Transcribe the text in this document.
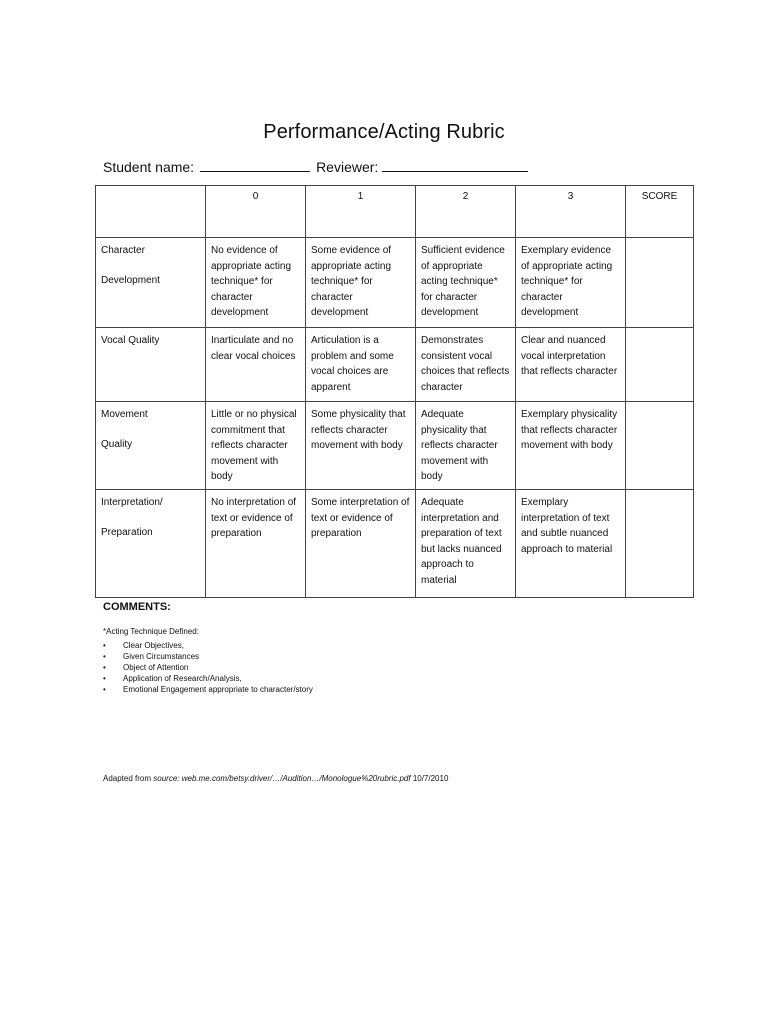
Performance/Acting Rubric
Student name:	Reviewer:
	0	1	2	3	SCORE
Character
Development	No evidence of appropriate acting technique* for character development	Some evidence of appropriate acting technique* for character development	Sufficient evidence of appropriate acting technique* for character development	Exemplary evidence of appropriate acting technique* for character development	
Vocal Quality	Inarticulate and no clear vocal choices	Articulation is a problem and some vocal choices are apparent	Demonstrates consistent vocal choices that reflects character	Clear and nuanced vocal interpretation that reflects character	
Movement
Quality	Little or no physical commitment that reflects character movement with body	Some physicality that reflects character movement with body	Adequate physicality that reflects character movement with body	Exemplary physicality that reflects character movement with body	
Interpretation/
Preparation	No interpretation of text or evidence of preparation	Some interpretation of text or evidence of preparation	Adequate interpretation and preparation of text but lacks nuanced approach to material	Exemplary interpretation of text and subtle nuanced approach to material	
COMMENTS:
*Acting Technique Defined:
• Clear Objectives,
• Given Circumstances
• Object of Attention
• Application of Research/Analysis,
• Emotional Engagement appropriate to character/story
Adapted from source: web.me.com/betsy.driver/…/Audition…/Monologue%20rubric.pdf 10/7/2010
